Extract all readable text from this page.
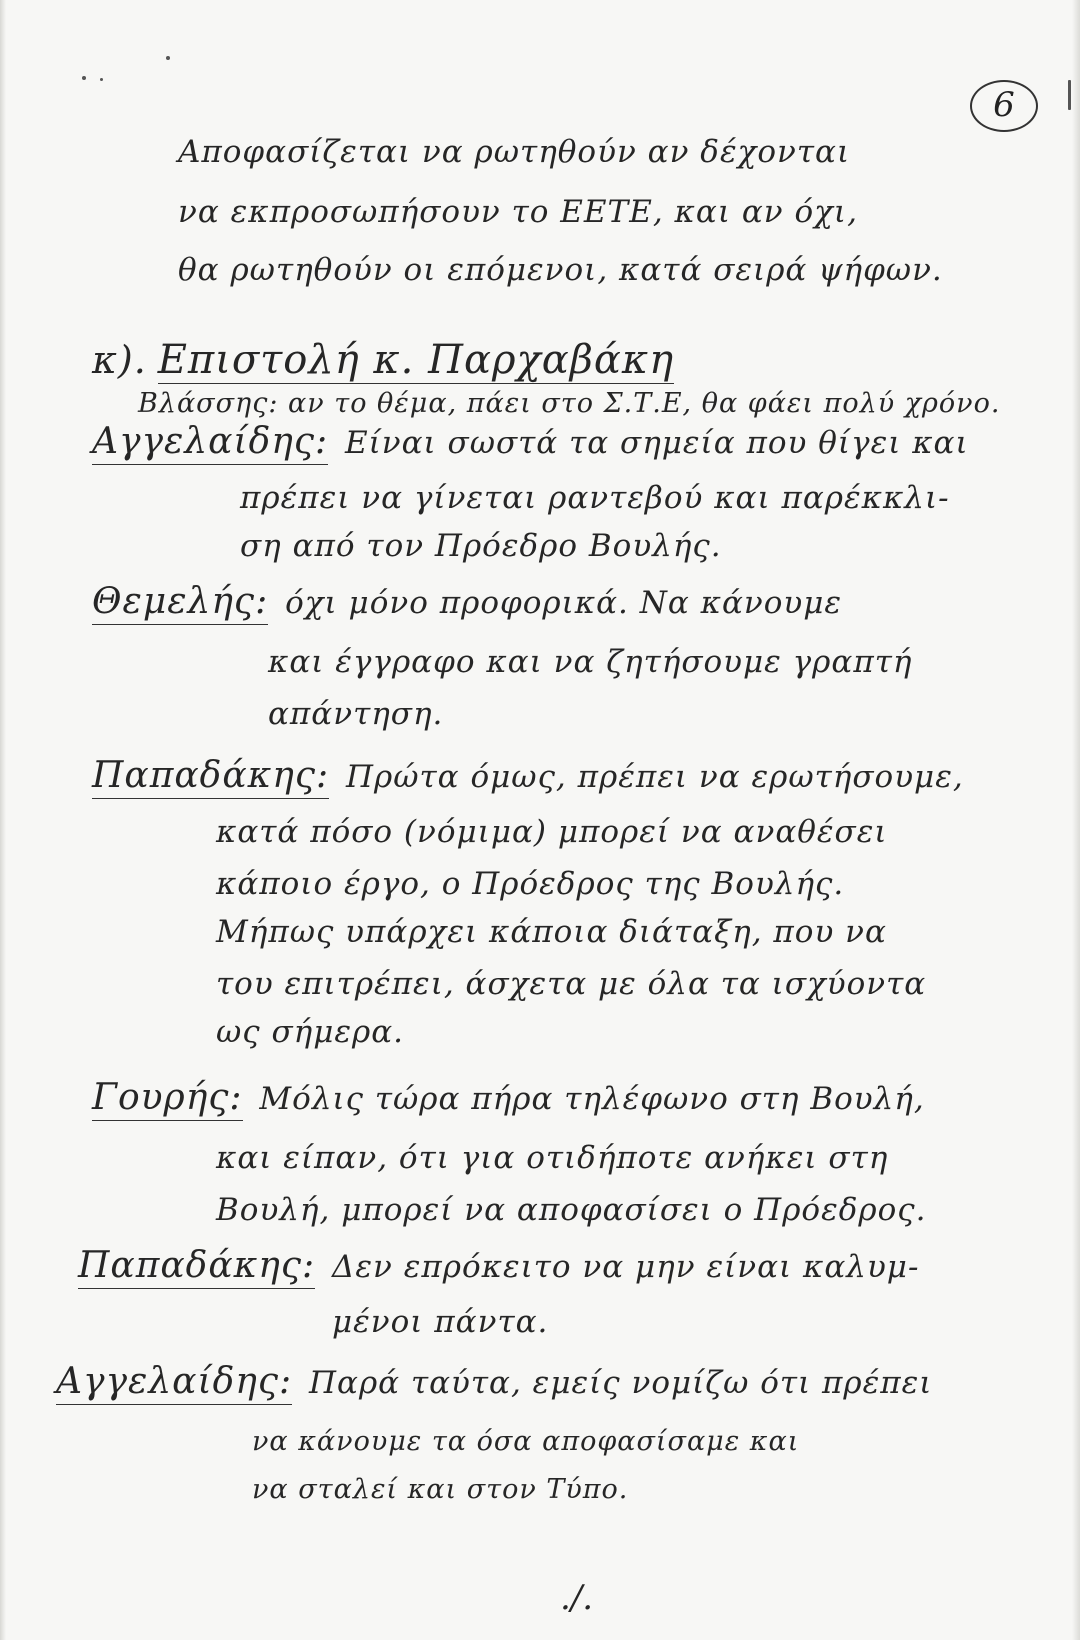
6
Αποφασίζεται να ρωτηθούν αν δέχονται
να εκπροσωπήσουν το ΕΕΤΕ, και αν όχι,
θα ρωτηθούν οι επόμενοι, κατά σειρά ψήφων.
κ). Επιστολή κ. Παρχαβάκη
Βλάσσης: αν το θέμα, πάει στο Σ.Τ.Ε, θα φάει πολύ χρόνο.
Αγγελαίδης: Είναι σωστά τα σημεία που θίγει και
πρέπει να γίνεται ραντεβού και παρέκκλι-
ση από τον Πρόεδρο Βουλής.
Θεμελής: όχι μόνο προφορικά. Να κάνουμε
και έγγραφο και να ζητήσουμε γραπτή
απάντηση.
Παπαδάκης: Πρώτα όμως, πρέπει να ερωτήσουμε,
κατά πόσο (νόμιμα) μπορεί να αναθέσει
κάποιο έργο, ο Πρόεδρος της Βουλής.
Μήπως υπάρχει κάποια διάταξη, που να
του επιτρέπει, άσχετα με όλα τα ισχύοντα
ως σήμερα.
Γουρής: Μόλις τώρα πήρα τηλέφωνο στη Βουλή,
και είπαν, ότι για οτιδήποτε ανήκει στη
Βουλή, μπορεί να αποφασίσει ο Πρόεδρος.
Παπαδάκης: Δεν επρόκειτο να μην είναι καλυμ-
μένοι πάντα.
Αγγελαίδης: Παρά ταύτα, εμείς νομίζω ότι πρέπει
να κάνουμε τα όσα αποφασίσαμε και
να σταλεί και στον Τύπο.
./.
